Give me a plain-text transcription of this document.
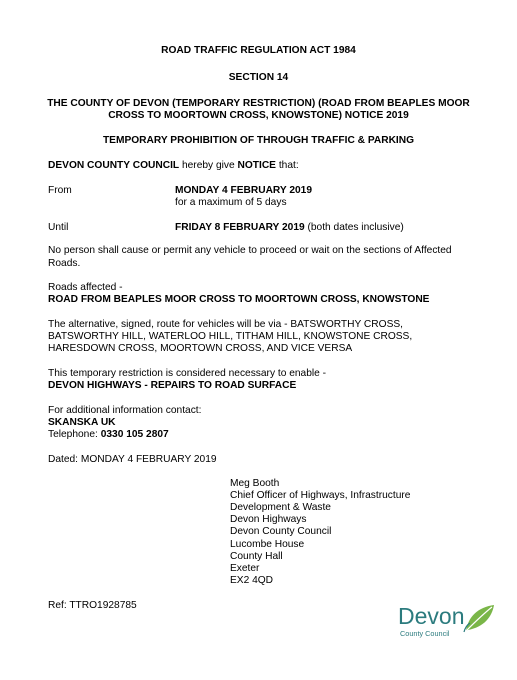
ROAD TRAFFIC REGULATION ACT 1984
SECTION 14
THE COUNTY OF DEVON (TEMPORARY RESTRICTION) (ROAD FROM BEAPLES MOOR
CROSS TO MOORTOWN CROSS, KNOWSTONE) NOTICE 2019
TEMPORARY PROHIBITION OF THROUGH TRAFFIC & PARKING
DEVON COUNTY COUNCIL hereby give NOTICE that:
From	MONDAY 4 FEBRUARY 2019
for a maximum of 5 days
Until	FRIDAY 8 FEBRUARY 2019 (both dates inclusive)
No person shall cause or permit any vehicle to proceed or wait on the sections of Affected
Roads.
Roads affected -
ROAD FROM BEAPLES MOOR CROSS TO MOORTOWN CROSS, KNOWSTONE
The alternative, signed, route for vehicles will be via - BATSWORTHY CROSS,
BATSWORTHY HILL, WATERLOO HILL, TITHAM HILL, KNOWSTONE CROSS,
HARESDOWN CROSS, MOORTOWN CROSS, AND VICE VERSA
This temporary restriction is considered necessary to enable -
DEVON HIGHWAYS - REPAIRS TO ROAD SURFACE
For additional information contact:
SKANSKA UK
Telephone: 0330 105 2807
Dated: MONDAY 4 FEBRUARY 2019
Meg Booth
Chief Officer of Highways, Infrastructure
Development & Waste
Devon Highways
Devon County Council
Lucombe House
County Hall
Exeter
EX2 4QD
Ref: TTRO1928785	Devon
County Council
